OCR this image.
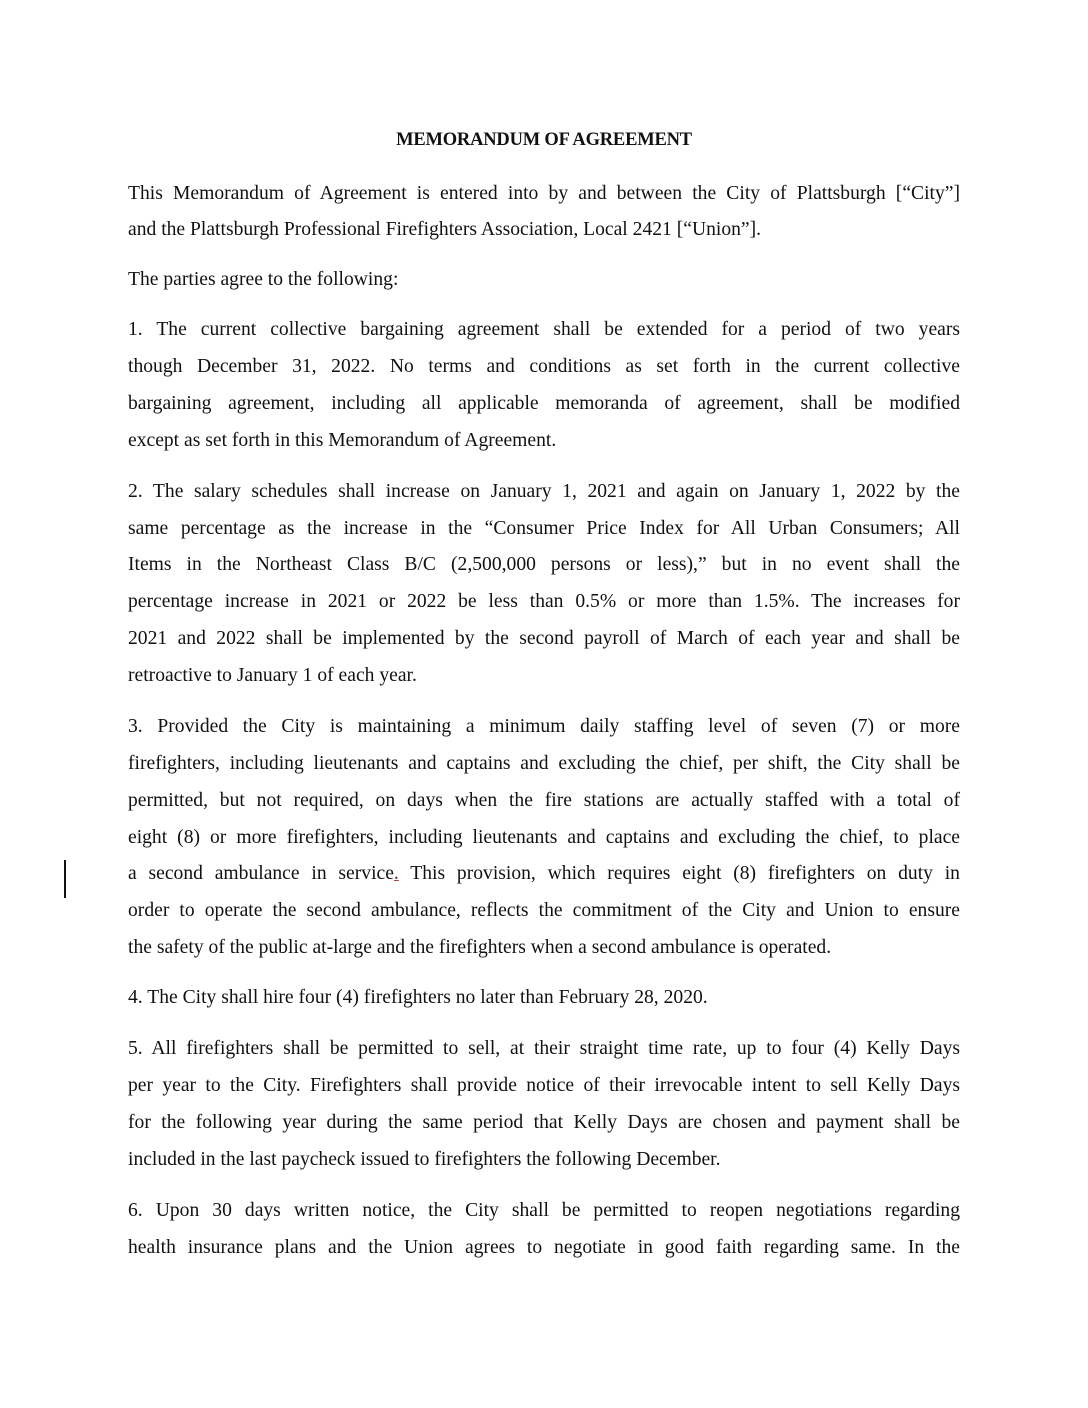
MEMORANDUM OF AGREEMENT
This Memorandum of Agreement is entered into by and between the City of Plattsburgh [“City”]
and the Plattsburgh Professional Firefighters Association, Local 2421 [“Union”].
The parties agree to the following:
1. The current collective bargaining agreement shall be extended for a period of two years
though December 31, 2022. No terms and conditions as set forth in the current collective
bargaining agreement, including all applicable memoranda of agreement, shall be modified
except as set forth in this Memorandum of Agreement.
2. The salary schedules shall increase on January 1, 2021 and again on January 1, 2022 by the
same percentage as the increase in the “Consumer Price Index for All Urban Consumers; All
Items in the Northeast Class B/C (2,500,000 persons or less),” but in no event shall the
percentage increase in 2021 or 2022 be less than 0.5% or more than 1.5%. The increases for
2021 and 2022 shall be implemented by the second payroll of March of each year and shall be
retroactive to January 1 of each year.
3. Provided the City is maintaining a minimum daily staffing level of seven (7) or more
firefighters, including lieutenants and captains and excluding the chief, per shift, the City shall be
permitted, but not required, on days when the fire stations are actually staffed with a total of
eight (8) or more firefighters, including lieutenants and captains and excluding the chief, to place
a second ambulance in service. This provision, which requires eight (8) firefighters on duty in
order to operate the second ambulance, reflects the commitment of the City and Union to ensure
the safety of the public at-large and the firefighters when a second ambulance is operated.
4. The City shall hire four (4) firefighters no later than February 28, 2020.
5. All firefighters shall be permitted to sell, at their straight time rate, up to four (4) Kelly Days
per year to the City. Firefighters shall provide notice of their irrevocable intent to sell Kelly Days
for the following year during the same period that Kelly Days are chosen and payment shall be
included in the last paycheck issued to firefighters the following December.
6. Upon 30 days written notice, the City shall be permitted to reopen negotiations regarding
health insurance plans and the Union agrees to negotiate in good faith regarding same. In the
